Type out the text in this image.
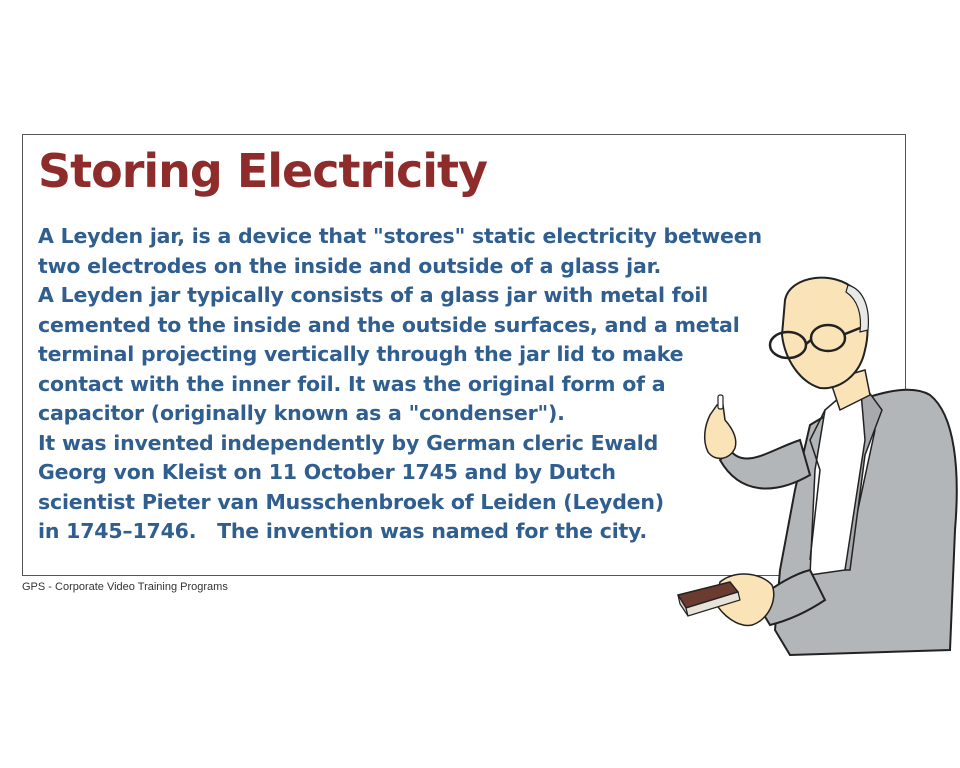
Storing Electricity
A Leyden jar, is a device that "stores" static electricity between
two electrodes on the inside and outside of a glass jar.
A Leyden jar typically consists of a glass jar with metal foil
cemented to the inside and the outside surfaces, and a metal
terminal projecting vertically through the jar lid to make
contact with the inner foil. It was the original form of a
capacitor (originally known as a "condenser").
It was invented independently by German cleric Ewald
Georg von Kleist on 11 October 1745 and by Dutch
scientist Pieter van Musschenbroek of Leiden (Leyden)
in 1745–1746.   The invention was named for the city.
GPS - Corporate Video Training Programs
